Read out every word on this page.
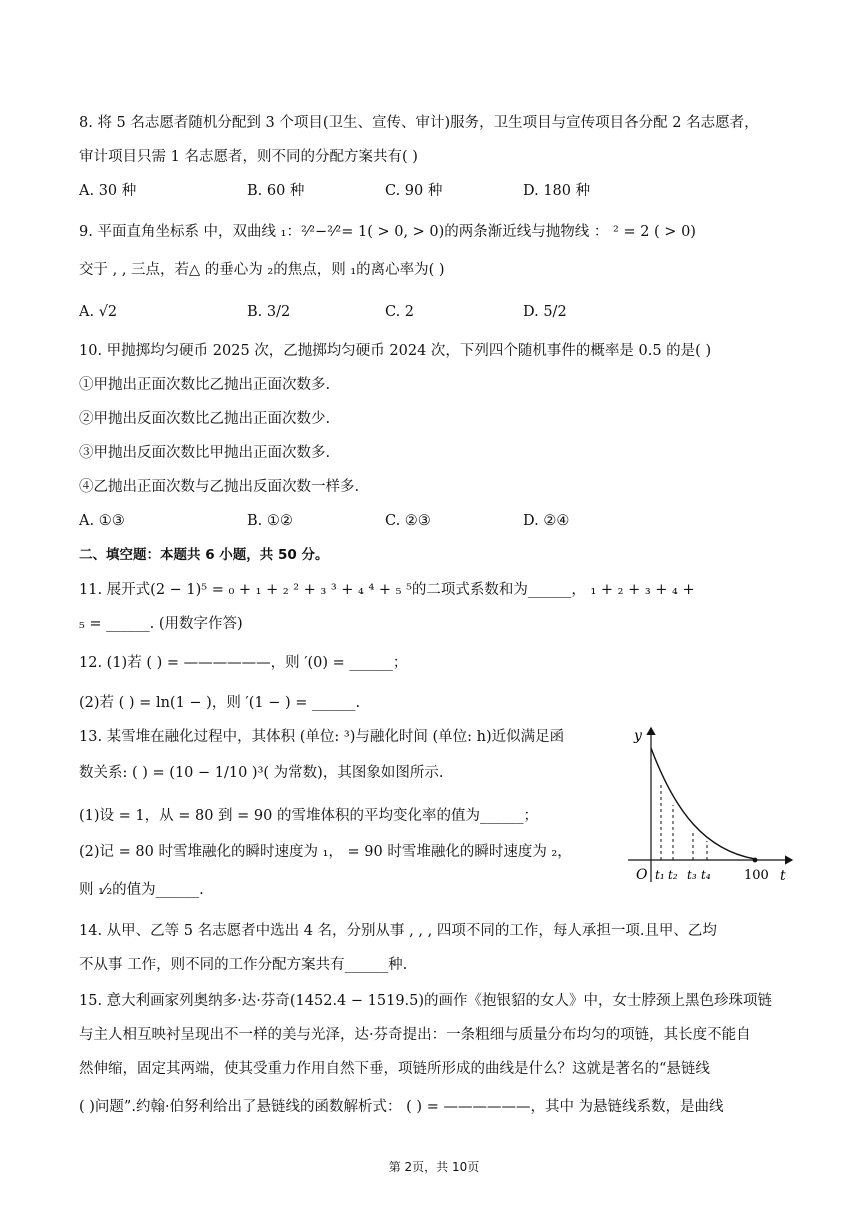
8. 将 5 名志愿者随机分配到 3 个项目(卫生、宣传、审计)服务，卫生项目与宣传项目各分配 2 名志愿者，
审计项目只需 1 名志愿者，则不同的分配方案共有( )
A. 30 种	B. 60 种	C. 90 种	D. 180 种
9. 平面直角坐标系 中，双曲线 ₁：²⁄²−²⁄²= 1( > 0, > 0)的两条渐近线与抛物线 ： ² = 2 ( > 0)
交于 , , 三点，若△ 的垂心为 ₂的焦点，则 ₁的离心率为( )
A. √2	B. 3/2	C. 2	D. 5/2
10. 甲抛掷均匀硬币 2025 次，乙抛掷均匀硬币 2024 次，下列四个随机事件的概率是 0.5 的是( )
①甲抛出正面次数比乙抛出正面次数多.
②甲抛出反面次数比乙抛出正面次数少.
③甲抛出反面次数比甲抛出正面次数多.
④乙抛出正面次数与乙抛出反面次数一样多.
A. ①③	B. ①②	C. ②③	D. ②④
二、填空题：本题共 6 小题，共 50 分。
11. 展开式(2 − 1)⁵ = ₀ + ₁ + ₂ ² + ₃ ³ + ₄ ⁴ + ₅ ⁵的二项式系数和为______， ₁ + ₂ + ₃ + ₄ +
₅ = ______. (用数字作答)
12. (1)若 ( ) = ——————，则 ′(0) = ______；
(2)若 ( ) = ln(1 − )，则 ′(1 − ) = ______.
13. 某雪堆在融化过程中，其体积 (单位: ³)与融化时间 (单位: h)近似满足函
数关系: ( ) = (10 − 1/10 )³( 为常数)，其图象如图所示.
(1)设 = 1，从 = 80 到 = 90 的雪堆体积的平均变化率的值为______；
(2)记 = 80 时雪堆融化的瞬时速度为 ₁， = 90 时雪堆融化的瞬时速度为 ₂，
则 ₁⁄₂的值为______.
y
t
O t₁ t₂ t₃ t₄	100
14. 从甲、乙等 5 名志愿者中选出 4 名，分别从事 , , , 四项不同的工作，每人承担一项.且甲、乙均
不从事 工作，则不同的工作分配方案共有______种.
15. 意大利画家列奥纳多·达·芬奇(1452.4 − 1519.5)的画作《抱银貂的女人》中，女士脖颈上黑色珍珠项链
与主人相互映衬呈现出不一样的美与光泽，达·芬奇提出：一条粗细与质量分布均匀的项链，其长度不能自
然伸缩，固定其两端，使其受重力作用自然下垂，项链所形成的曲线是什么？这就是著名的“悬链线
( )问题”.约翰·伯努利给出了悬链线的函数解析式： ( ) = ——————，其中 为悬链线系数，是曲线
第 2页，共 10页
